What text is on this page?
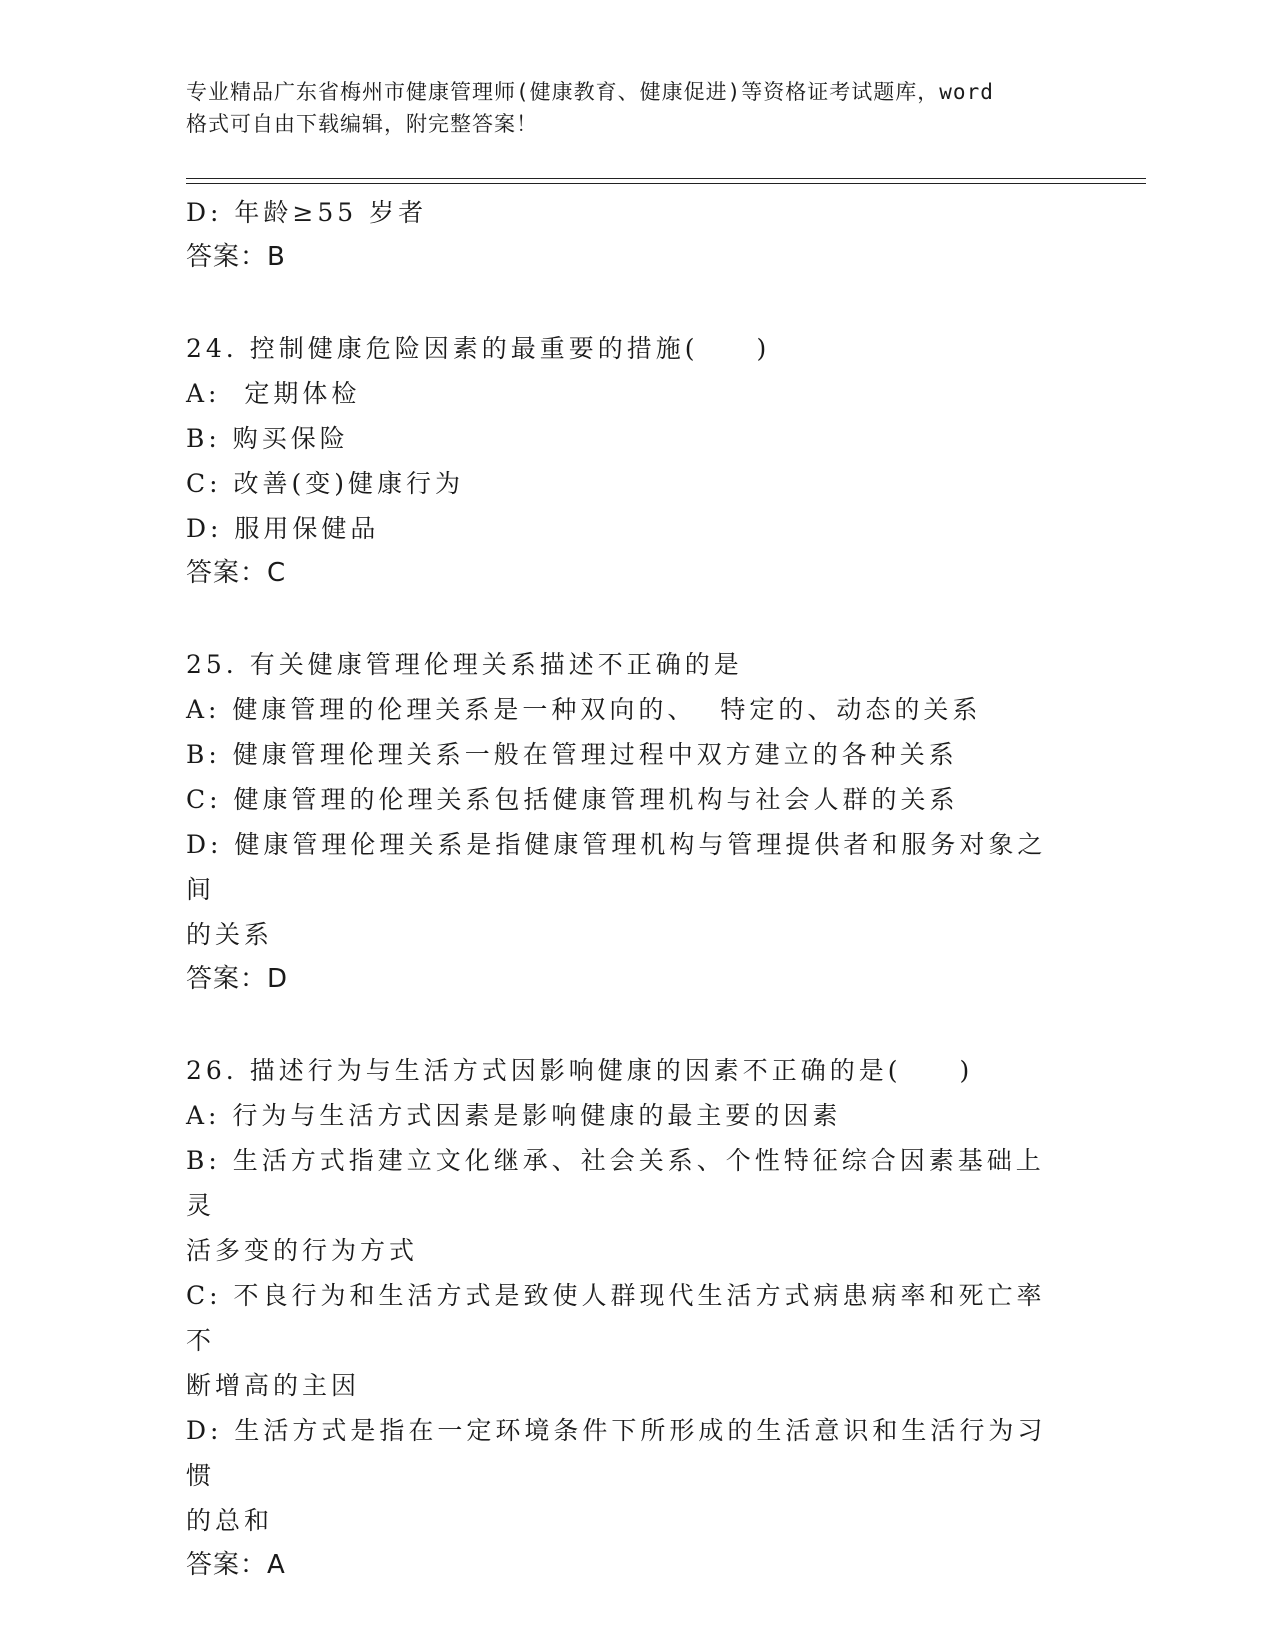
专业精品广东省梅州市健康管理师(健康教育、健康促进)等资格证考试题库，word
格式可自由下载编辑，附完整答案！
D: 年龄≥55 岁者
答案：B
24. 控制健康危险因素的最重要的措施(　　)
A:  定期体检
B: 购买保险
C: 改善(变)健康行为
D: 服用保健品
答案：C
25. 有关健康管理伦理关系描述不正确的是
A: 健康管理的伦理关系是一种双向的、  特定的、动态的关系
B: 健康管理伦理关系一般在管理过程中双方建立的各种关系
C: 健康管理的伦理关系包括健康管理机构与社会人群的关系
D: 健康管理伦理关系是指健康管理机构与管理提供者和服务对象之间
的关系
答案：D
26. 描述行为与生活方式因影响健康的因素不正确的是(　　)
A: 行为与生活方式因素是影响健康的最主要的因素
B: 生活方式指建立文化继承、社会关系、个性特征综合因素基础上灵
活多变的行为方式
C: 不良行为和生活方式是致使人群现代生活方式病患病率和死亡率不
断增高的主因
D: 生活方式是指在一定环境条件下所形成的生活意识和生活行为习惯
的总和
答案：A
